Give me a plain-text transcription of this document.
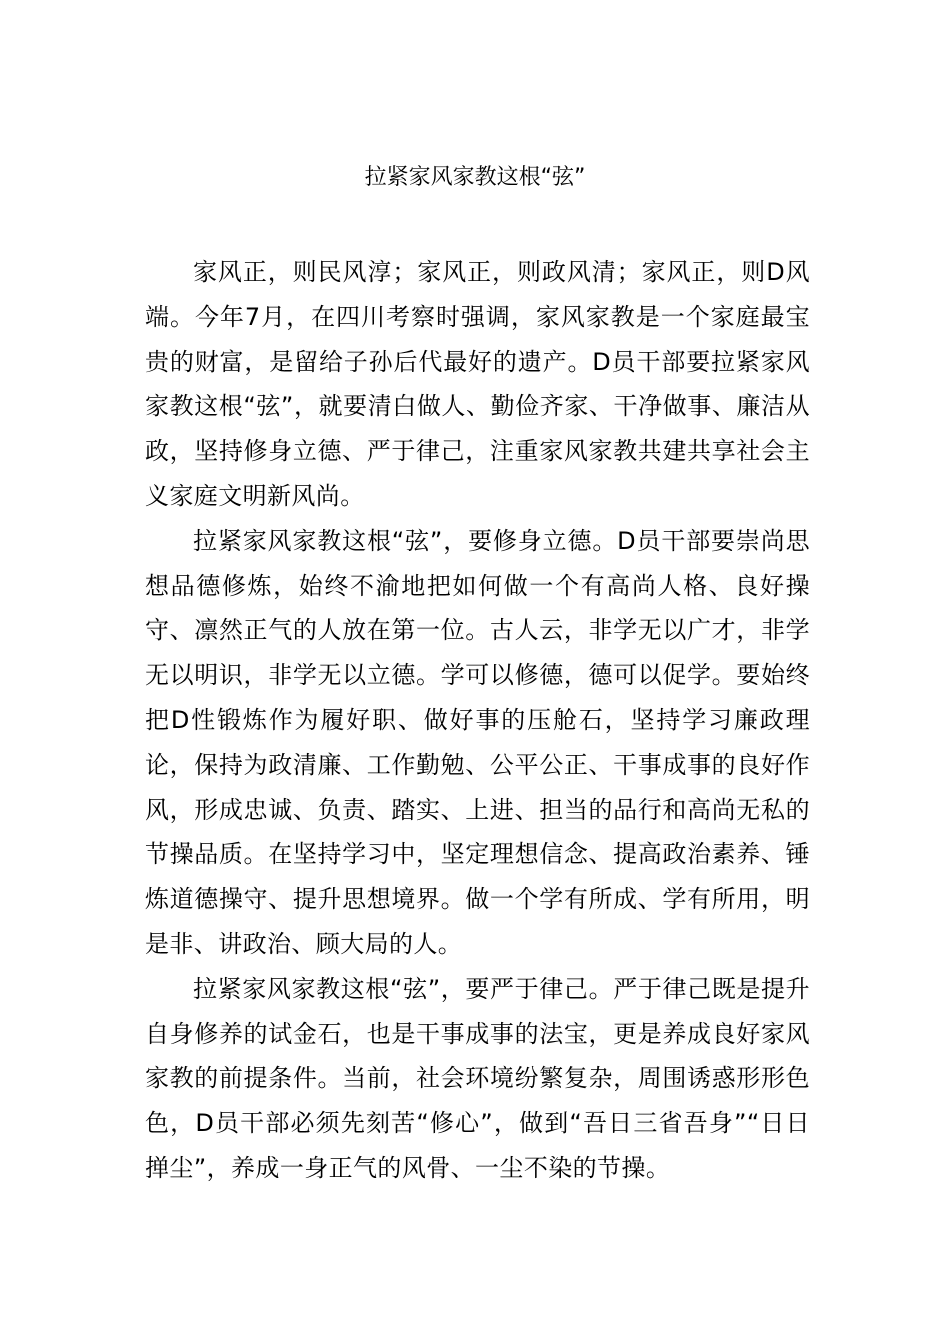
拉紧家风家教这根“弦”

家风正，则民风淳；家风正，则政风清；家风正，则D风端。今年7月，在四川考察时强调，家风家教是一个家庭最宝贵的财富，是留给子孙后代最好的遗产。D员干部要拉紧家风家教这根“弦”，就要清白做人、勤俭齐家、干净做事、廉洁从政，坚持修身立德、严于律己，注重家风家教共建共享社会主义家庭文明新风尚。

拉紧家风家教这根“弦”，要修身立德。D员干部要崇尚思想品德修炼，始终不渝地把如何做一个有高尚人格、良好操守、凛然正气的人放在第一位。古人云，非学无以广才，非学无以明识，非学无以立德。学可以修德，德可以促学。要始终把D性锻炼作为履好职、做好事的压舱石，坚持学习廉政理论，保持为政清廉、工作勤勉、公平公正、干事成事的良好作风，形成忠诚、负责、踏实、上进、担当的品行和高尚无私的节操品质。在坚持学习中，坚定理想信念、提高政治素养、锤炼道德操守、提升思想境界。做一个学有所成、学有所用，明是非、讲政治、顾大局的人。

拉紧家风家教这根“弦”，要严于律己。严于律己既是提升自身修养的试金石，也是干事成事的法宝，更是养成良好家风家教的前提条件。当前，社会环境纷繁复杂，周围诱惑形形色色，D员干部必须先刻苦“修心”，做到“吾日三省吾身”“日日掸尘”，养成一身正气的风骨、一尘不染的节操。
